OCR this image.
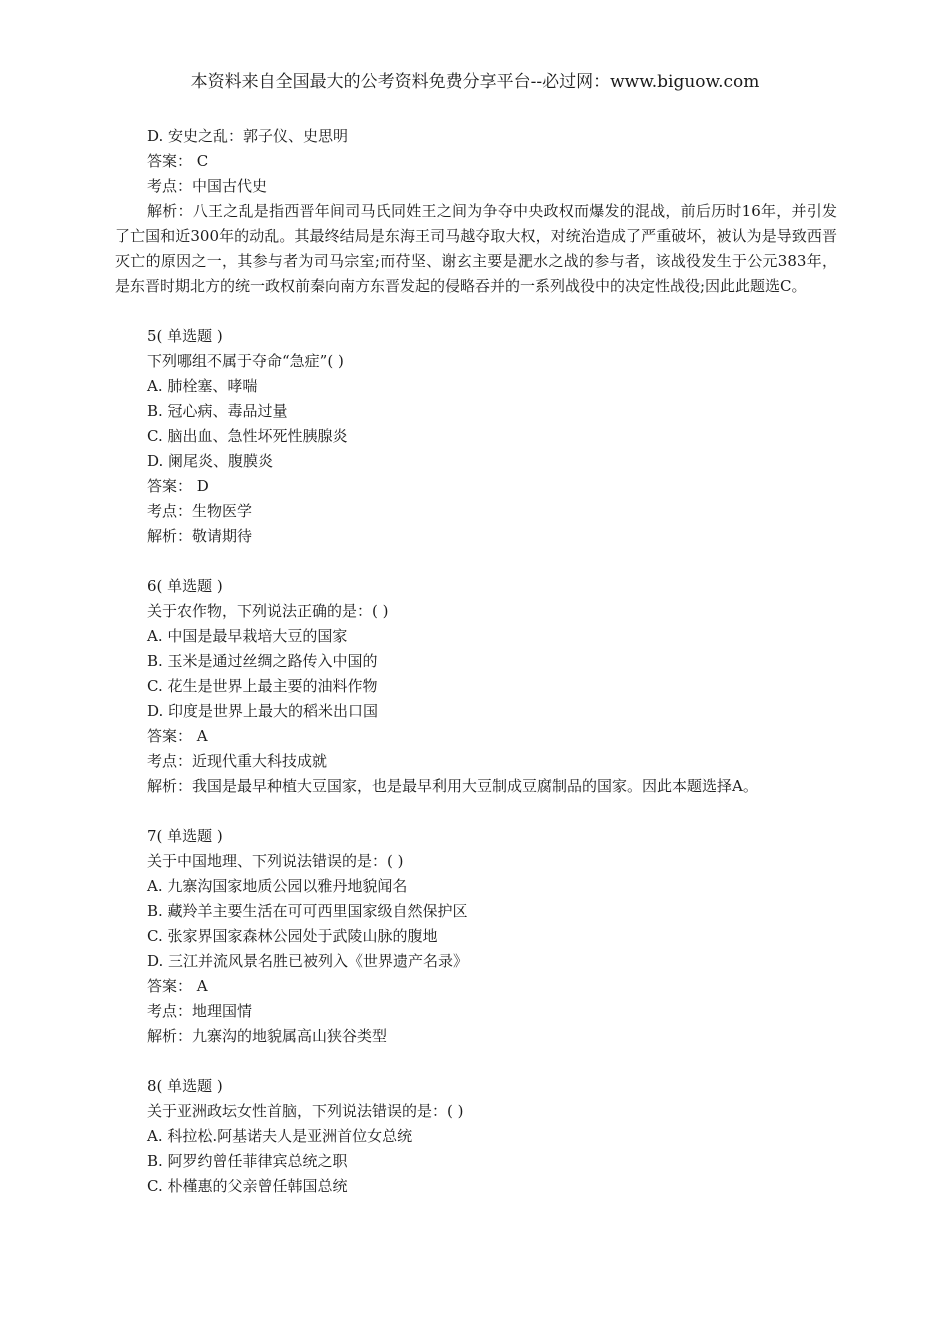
本资料来自全国最大的公考资料免费分享平台--必过网：www.biguow.com
D. 安史之乱：郭子仪、史思明
答案： C
考点：中国古代史
解析：八王之乱是指西晋年间司马氏同姓王之间为争夺中央政权而爆发的混战，前后历时16年，并引发了亡国和近300年的动乱。其最终结局是东海王司马越夺取大权，对统治造成了严重破坏，被认为是导致西晋灭亡的原因之一，其参与者为司马宗室;而苻坚、谢玄主要是淝水之战的参与者，该战役发生于公元383年，是东晋时期北方的统一政权前秦向南方东晋发起的侵略吞并的一系列战役中的决定性战役;因此此题选C。
5( 单选题 )
下列哪组不属于夺命“急症”( )
A. 肺栓塞、哮喘
B. 冠心病、毒品过量
C. 脑出血、急性坏死性胰腺炎
D. 阑尾炎、腹膜炎
答案： D
考点：生物医学
解析：敬请期待
6( 单选题 )
关于农作物，下列说法正确的是：( )
A. 中国是最早栽培大豆的国家
B. 玉米是通过丝绸之路传入中国的
C. 花生是世界上最主要的油料作物
D. 印度是世界上最大的稻米出口国
答案： A
考点：近现代重大科技成就
解析：我国是最早种植大豆国家，也是最早利用大豆制成豆腐制品的国家。因此本题选择A。
7( 单选题 )
关于中国地理、下列说法错误的是：( )
A. 九寨沟国家地质公园以雅丹地貌闻名
B. 藏羚羊主要生活在可可西里国家级自然保护区
C. 张家界国家森林公园处于武陵山脉的腹地
D. 三江并流风景名胜已被列入《世界遗产名录》
答案： A
考点：地理国情
解析：九寨沟的地貌属高山狭谷类型
8( 单选题 )
关于亚洲政坛女性首脑，下列说法错误的是：( )
A. 科拉松.阿基诺夫人是亚洲首位女总统
B. 阿罗约曾任菲律宾总统之职
C. 朴槿惠的父亲曾任韩国总统
